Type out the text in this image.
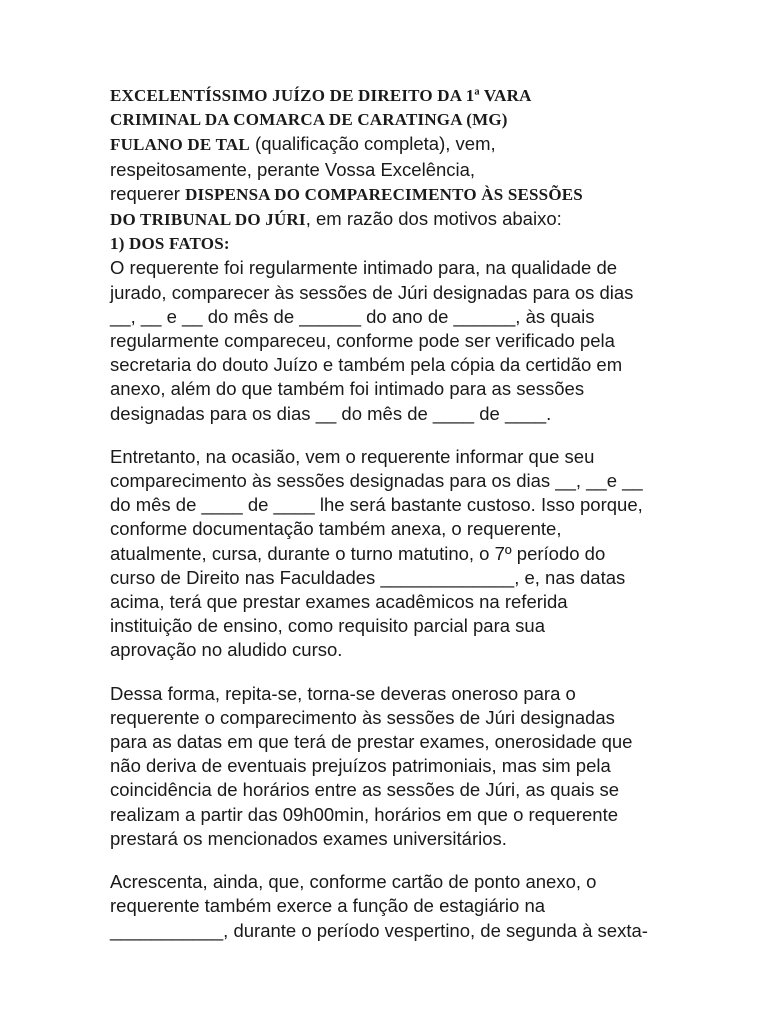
EXCELENTÍSSIMO JUÍZO DE DIREITO DA 1ª VARA
CRIMINAL DA COMARCA DE CARATINGA (MG)
FULANO DE TAL (qualificação completa), vem,
respeitosamente, perante Vossa Excelência,
requerer DISPENSA DO COMPARECIMENTO ÀS SESSÕES
DO TRIBUNAL DO JÚRI, em razão dos motivos abaixo:
1) DOS FATOS:
O requerente foi regularmente intimado para, na qualidade de
jurado, comparecer às sessões de Júri designadas para os dias
__, __ e __ do mês de ______ do ano de ______, às quais
regularmente compareceu, conforme pode ser verificado pela
secretaria do douto Juízo e também pela cópia da certidão em
anexo, além do que também foi intimado para as sessões
designadas para os dias __ do mês de ____ de ____.
Entretanto, na ocasião, vem o requerente informar que seu
comparecimento às sessões designadas para os dias __, __e __
do mês de ____ de ____ lhe será bastante custoso. Isso porque,
conforme documentação também anexa, o requerente,
atualmente, cursa, durante o turno matutino, o 7º período do
curso de Direito nas Faculdades _____________, e, nas datas
acima, terá que prestar exames acadêmicos na referida
instituição de ensino, como requisito parcial para sua
aprovação no aludido curso.
Dessa forma, repita-se, torna-se deveras oneroso para o
requerente o comparecimento às sessões de Júri designadas
para as datas em que terá de prestar exames, onerosidade que
não deriva de eventuais prejuízos patrimoniais, mas sim pela
coincidência de horários entre as sessões de Júri, as quais se
realizam a partir das 09h00min, horários em que o requerente
prestará os mencionados exames universitários.
Acrescenta, ainda, que, conforme cartão de ponto anexo, o
requerente também exerce a função de estagiário na
___________, durante o período vespertino, de segunda à sexta-
